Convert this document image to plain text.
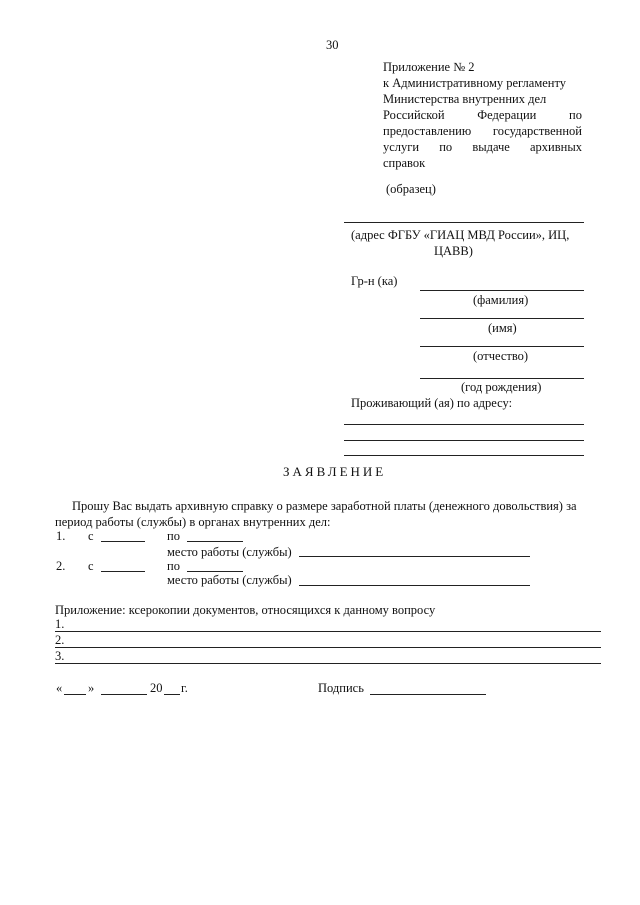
30
Приложение № 2
к Административному регламенту
Министерства внутренних дел
Российской	Федерации	по
предоставлению государственной
услуги по выдаче архивных
справок
(образец)
(адрес ФГБУ «ГИАЦ МВД России», ИЦ,
ЦАВВ)
Гр-н (ка)
(фамилия)
(имя)
(отчество)
(год рождения)
Проживающий (ая) по адресу:
ЗАЯВЛЕНИЕ
Прошу Вас выдать архивную справку о размере заработной платы (денежного довольствия) за
период работы (службы) в органах внутренних дел:
1. с	по
место работы (службы)
2. с	по
место работы (службы)
Приложение: ксерокопии документов, относящихся к данному вопросу
1.
2.
3.
« »	20 г.	Подпись
